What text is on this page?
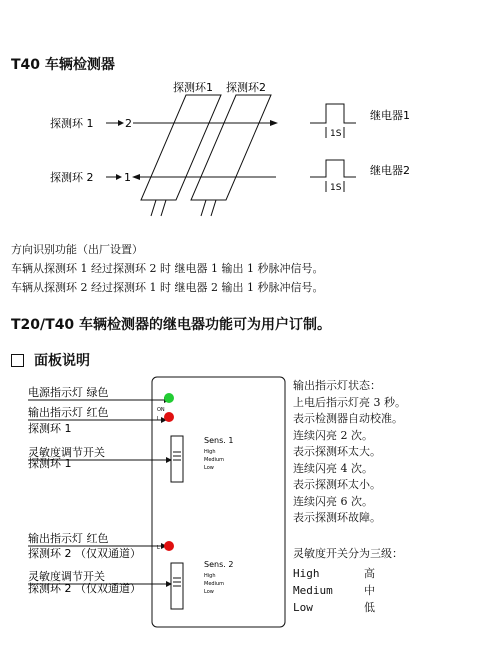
T40 车辆检测器
探测环1 探测环2
探测环 1	2
探测环 2	1
1S
继电器1
1S
继电器2
方向识别功能（出厂设置）
车辆从探测环 1 经过探测环 2 时 继电器 1 输出 1 秒脉冲信号。
车辆从探测环 2 经过探测环 1 时 继电器 2 输出 1 秒脉冲信号。
T20/T40 车辆检测器的继电器功能可为用户订制。
面板说明
电源指示灯 绿色
输出指示灯 红色
探测环 1
ON
L
灵敏度调节开关
探测环 1
Sens. 1
High
Medium
Low
输出指示灯 红色
探测环 2 （仅双通道）	L
灵敏度调节开关
探测环 2 （仅双通道）
Sens. 2
High
Medium
Low
输出指示灯状态：
上电后指示灯亮 3 秒。
表示检测器自动校准。
连续闪亮 2 次。
表示探测环太大。
连续闪亮 4 次。
表示探测环太小。
连续闪亮 6 次。
表示探测环故障。
灵敏度开关分为三级：
High	高
Medium	中
Low	低
